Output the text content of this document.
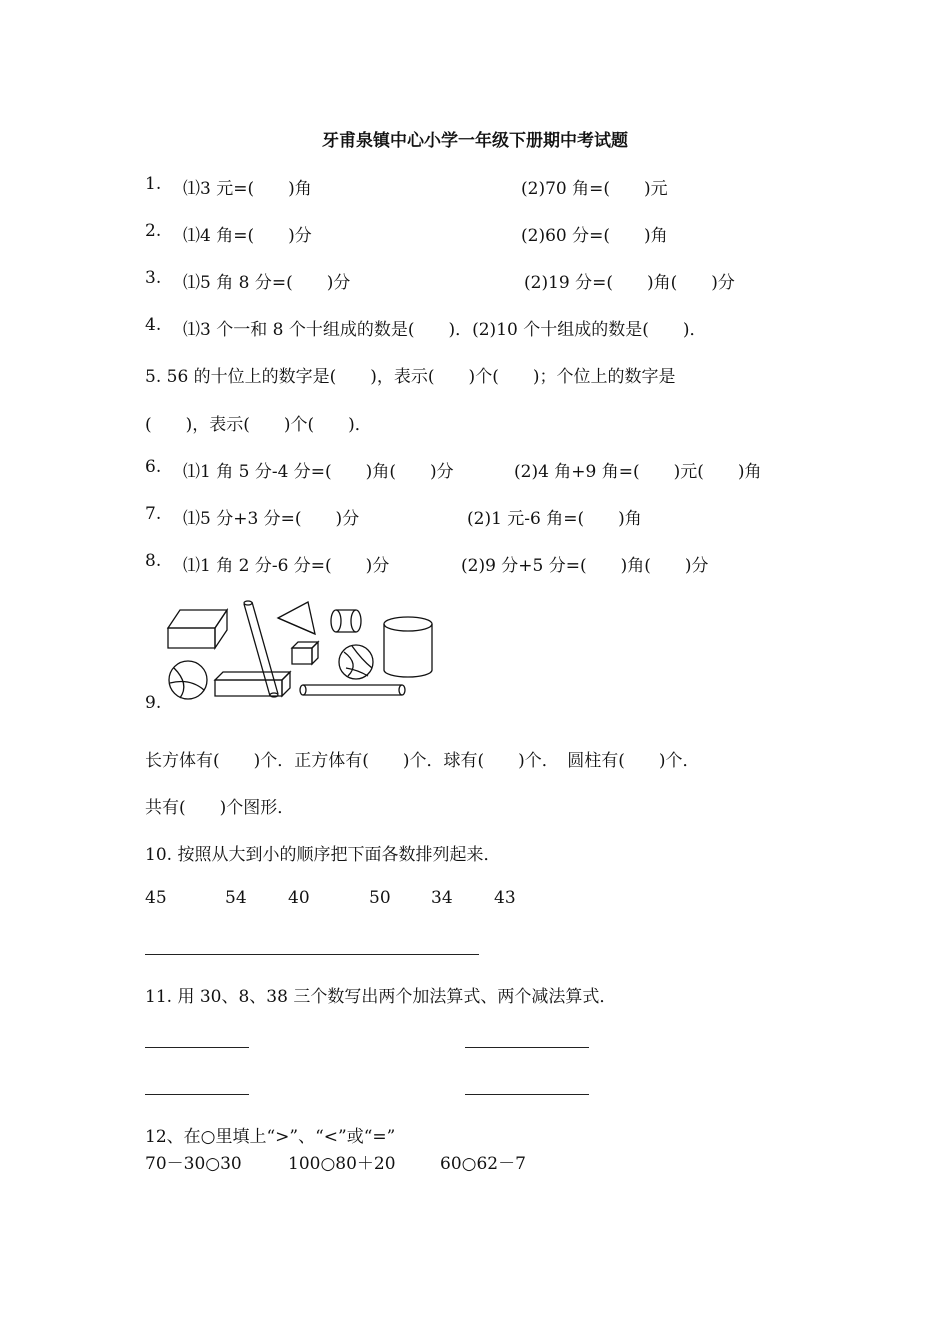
牙甫泉镇中心小学一年级下册期中考试题
1. ⑴3 元=(　　)角	(2)70 角=(　　)元
2. ⑴4 角=(　　)分	(2)60 分=(　　)角
3. ⑴5 角 8 分=(　　)分	(2)19 分=(　　)角(　　)分
4. ⑴3 个一和 8 个十组成的数是(　　)．(2)10 个十组成的数是(　　)．
5. 56 的十位上的数字是(　　)，表示(　　)个(　　)；个位上的数字是
(　　)，表示(　　)个(　　)．
6. ⑴1 角 5 分-4 分=(　　)角(　　)分	(2)4 角+9 角=(　　)元(　　)角
7. ⑴5 分+3 分=(　　)分	(2)1 元-6 角=(　　)角
8. ⑴1 角 2 分-6 分=(　　)分	(2)9 分+5 分=(　　)角(　　)分
9.
长方体有(　　)个．正方体有(　　)个．球有(　　)个．　圆柱有(　　)个．
共有(　　)个图形．
10. 按照从大到小的顺序把下面各数排列起来．
45	54 40	50 34 43
11. 用 30、8、38 三个数写出两个加法算式、两个减法算式．
12、在○里填上“>”、“<”或“=”
70－30○30	100○80＋20	60○62－7
